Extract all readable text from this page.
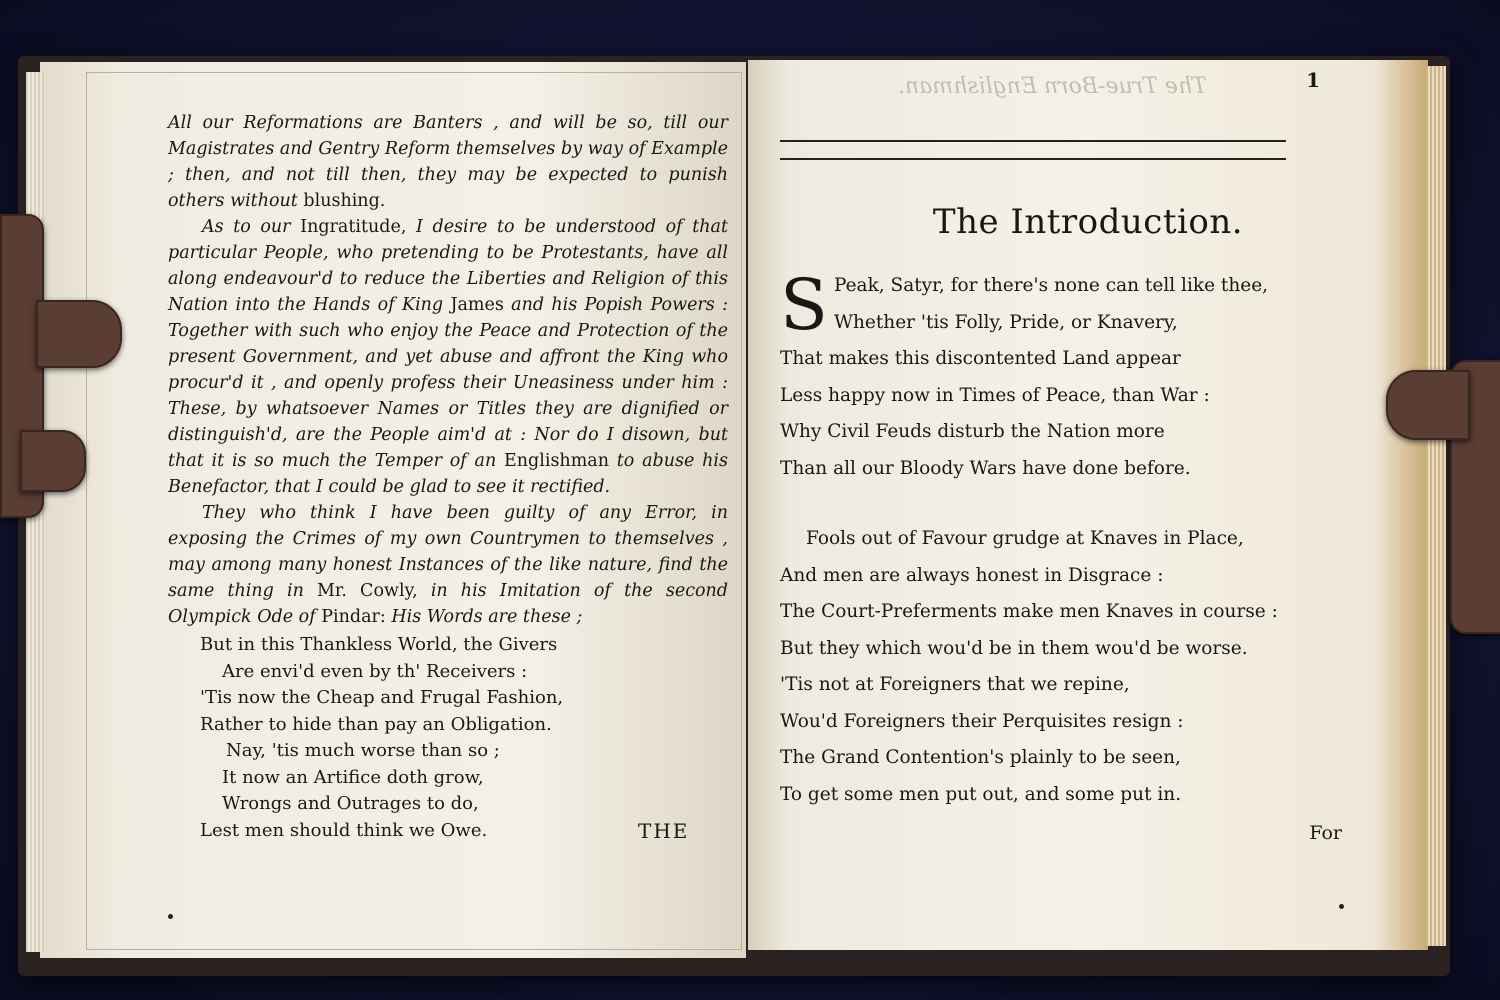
All our Reformations are Banters , and will be so, till our Magistrates and Gentry Reform themselves by way of Example ; then, and not till then, they may be expected to punish others without blushing.

As to our Ingratitude, I desire to be understood of that particular People, who pretending to be Protestants, have all along endeavour'd to reduce the Liberties and Religion of this Nation into the Hands of King James and his Popish Powers : Together with such who enjoy the Peace and Protection of the present Government, and yet abuse and affront the King who procur'd it , and openly profess their Uneasiness under him : These, by whatsoever Names or Titles they are dignified or distinguish'd, are the People aim'd at : Nor do I disown, but that it is so much the Temper of an Englishman to abuse his Benefactor, that I could be glad to see it rectified.

They who think I have been guilty of any Error, in exposing the Crimes of my own Countrymen to themselves , may among many honest Instances of the like nature, find the same thing in Mr. Cowly, in his Imitation of the second Olympick Ode of Pindar: His Words are these ;

But in this Thankless World, the Givers
Are envi'd even by th' Receivers :
'Tis now the Cheap and Frugal Fashion,
Rather to hide than pay an Obligation.
Nay, 'tis much worse than so ;
It now an Artifice doth grow,
Wrongs and Outrages to do,
Lest men should think we Owe.	THE
The True-Born Englishman.	1
The Introduction.
S Peak, Satyr, for there's none can tell like thee,
Whether 'tis Folly, Pride, or Knavery,
That makes this discontented Land appear
Less happy now in Times of Peace, than War :
Why Civil Feuds disturb the Nation more
Than all our Bloody Wars have done before.
Fools out of Favour grudge at Knaves in Place,
And men are always honest in Disgrace :
The Court-Preferments make men Knaves in course :
But they which wou'd be in them wou'd be worse.
'Tis not at Foreigners that we repine,
Wou'd Foreigners their Perquisites resign :
The Grand Contention's plainly to be seen,
To get some men put out, and some put in.
For
